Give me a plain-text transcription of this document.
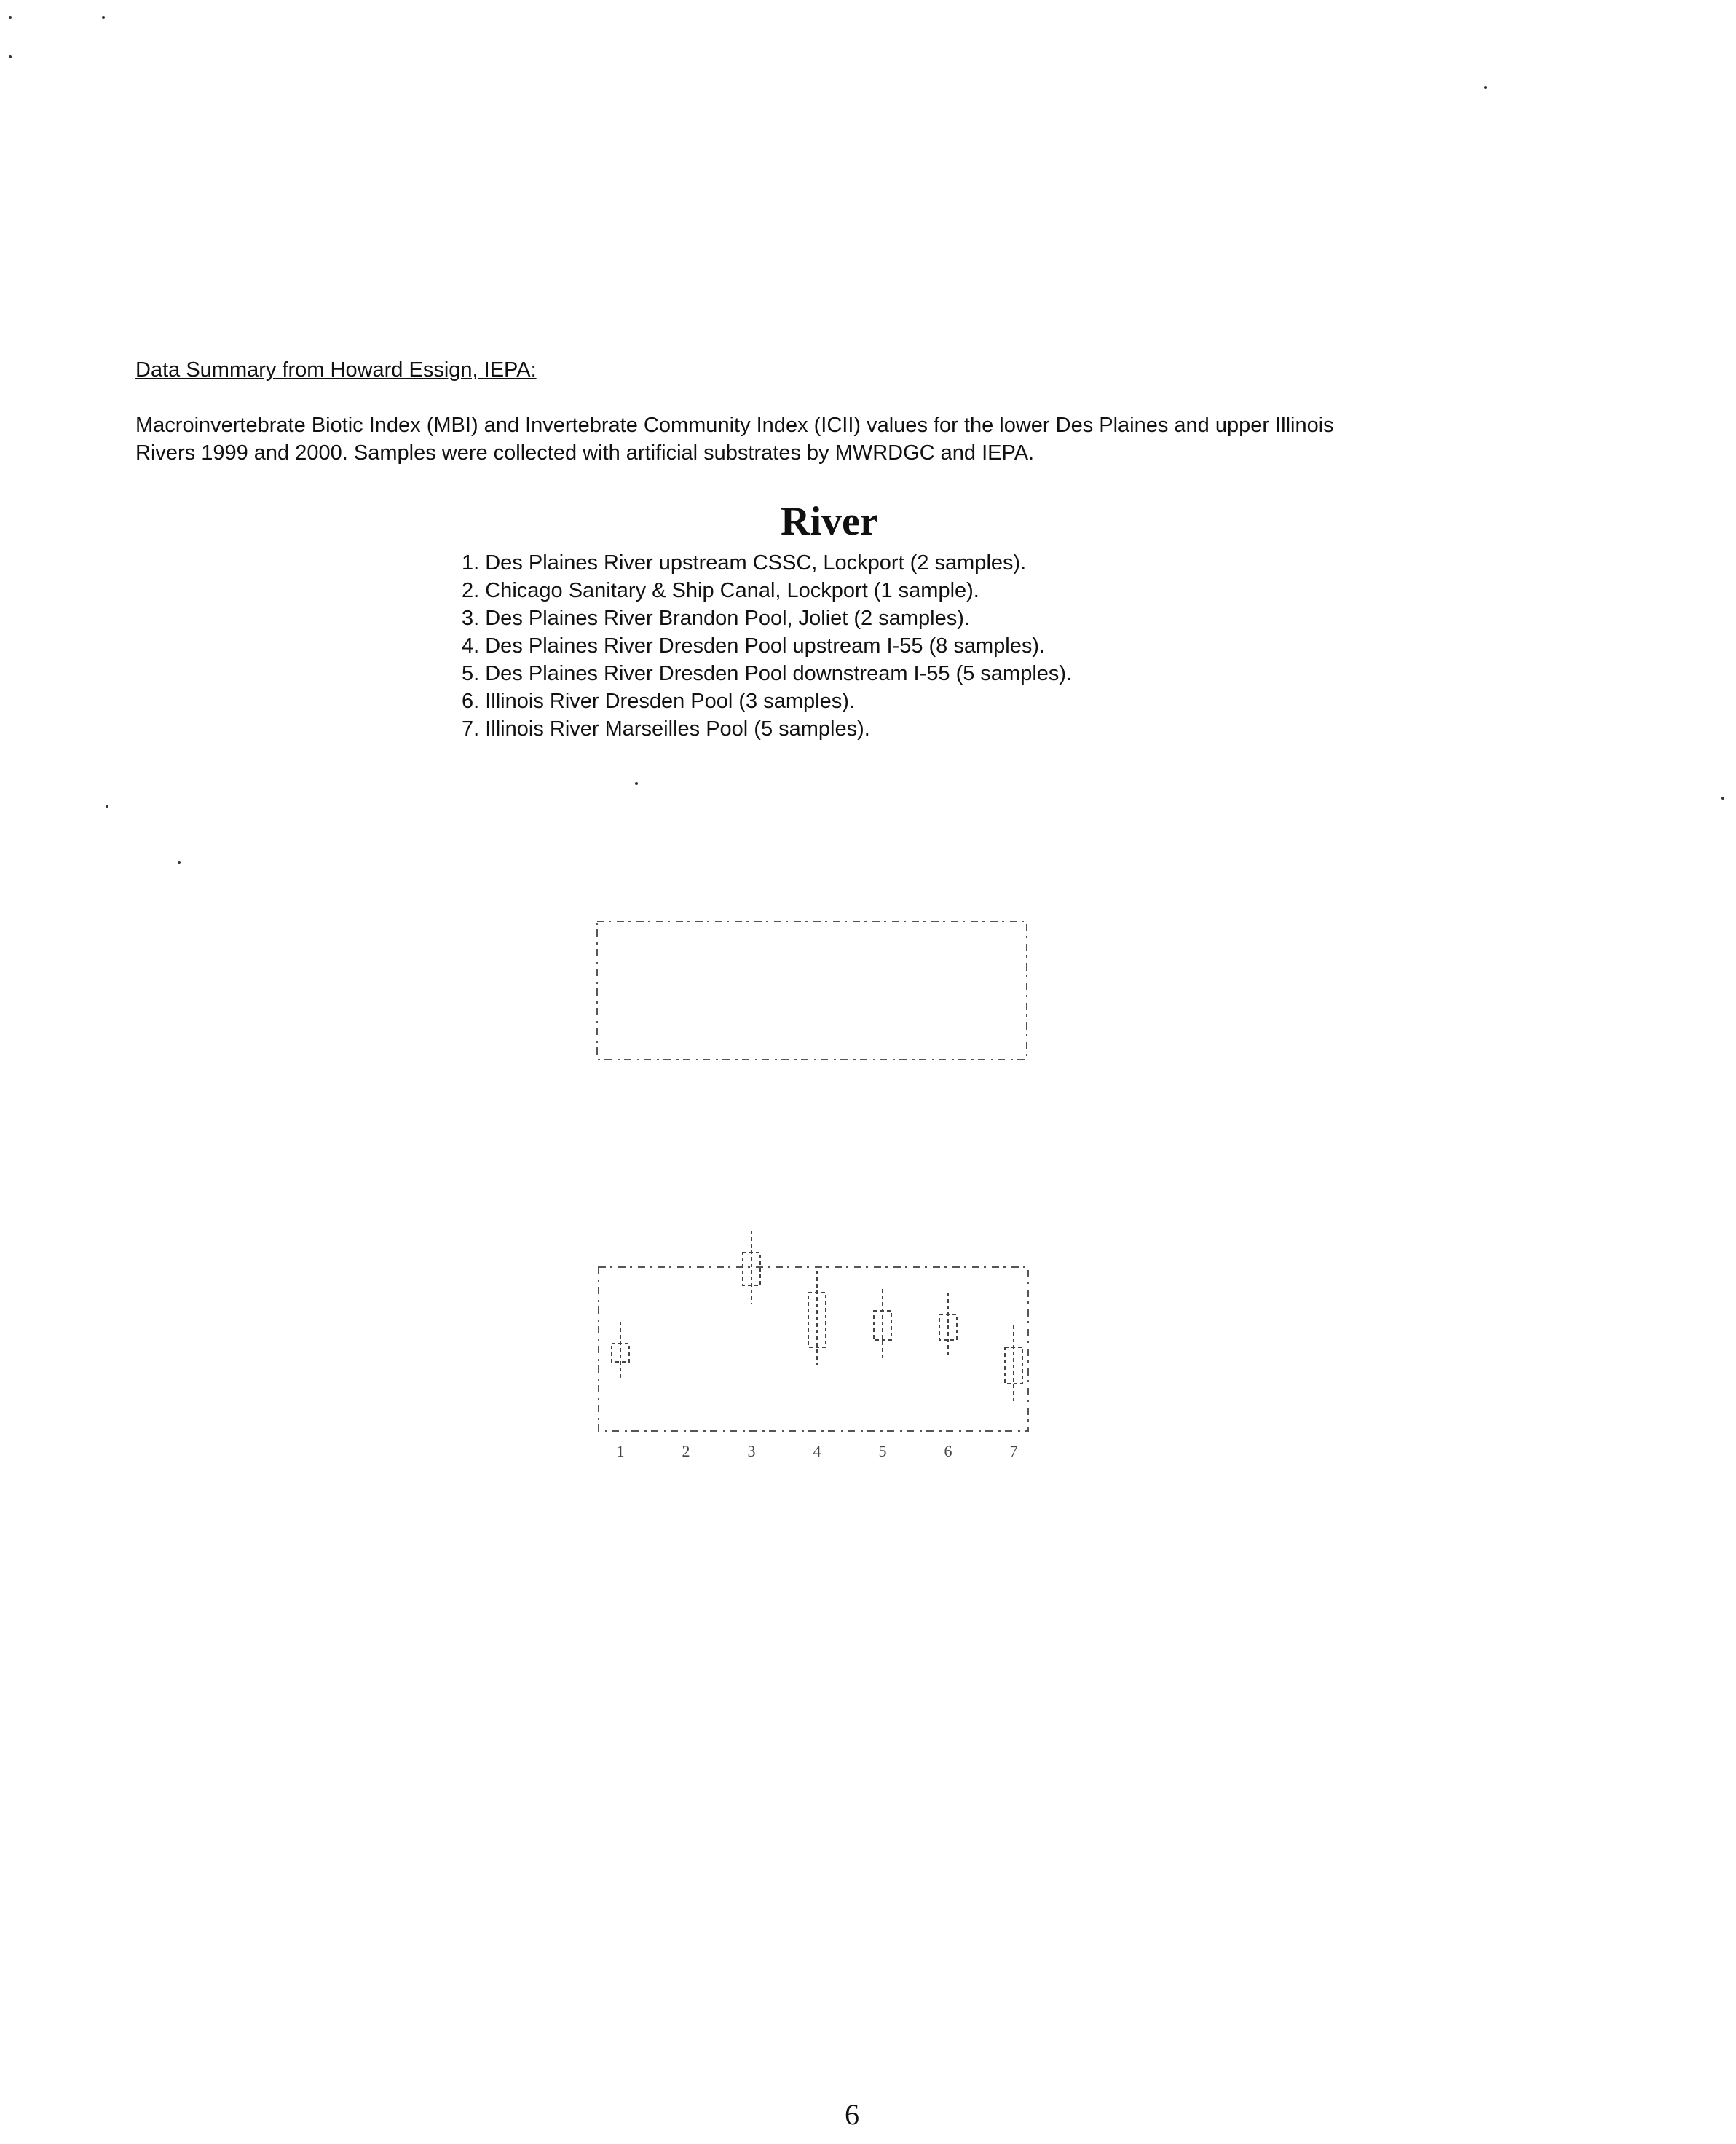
Data Summary from Howard Essign, IEPA:

Macroinvertebrate Biotic Index (MBI) and Invertebrate Community Index (ICII) values for the lower Des Plaines and upper Illinois

Rivers 1999 and 2000. Samples were collected with artificial substrates by MWRDGC and IEPA.

River
1. Des Plaines River upstream CSSC, Lockport (2 samples).
2. Chicago Sanitary & Ship Canal, Lockport (1 sample).
3. Des Plaines River Brandon Pool, Joliet (2 samples).
4. Des Plaines River Dresden Pool upstream I-55 (8 samples).
5. Des Plaines River Dresden Pool downstream I-55 (5 samples).
6. Illinois River Dresden Pool (3 samples).
7. Illinois River Marseilles Pool (5 samples).
1	2	3	4	5	6	7
6
